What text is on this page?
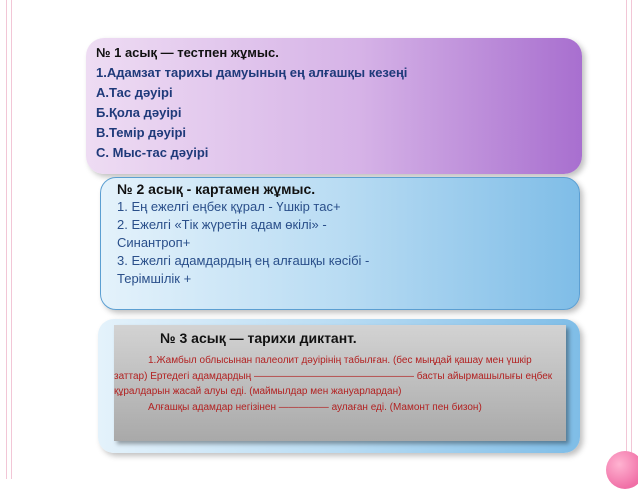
№ 1 асық — тестпен жұмыс.
1.Адамзат тарихы дамуының ең алғашқы кезеңі
А.Тас дәуірі
Б.Қола дәуірі
В.Темір дәуірі
С. Мыс-тас дәуірі
№ 2 асық - картамен жұмыс.
1. Ең ежелгі еңбек құрал - Үшкір тас+
2. Ежелгі «Тік жүретін адам өкілі» - Синантроп+
3. Ежелгі адамдардың ең алғашқы кәсібі - Терімшілік +
№ 3 асық — тарихи диктант.
1.Жамбыл облысынан палеолит дәуірінің табылған. (бес мыңдай қашау мен үшкір заттар) Ертедегі адамдардың ———————————————— басты айырмашылығы еңбек құралдарын жасай алуы еді. (маймылдар мен жануарлардан)
Алғашқы адамдар негізінен ————— аулаған еді. (Мамонт пен бизон)
